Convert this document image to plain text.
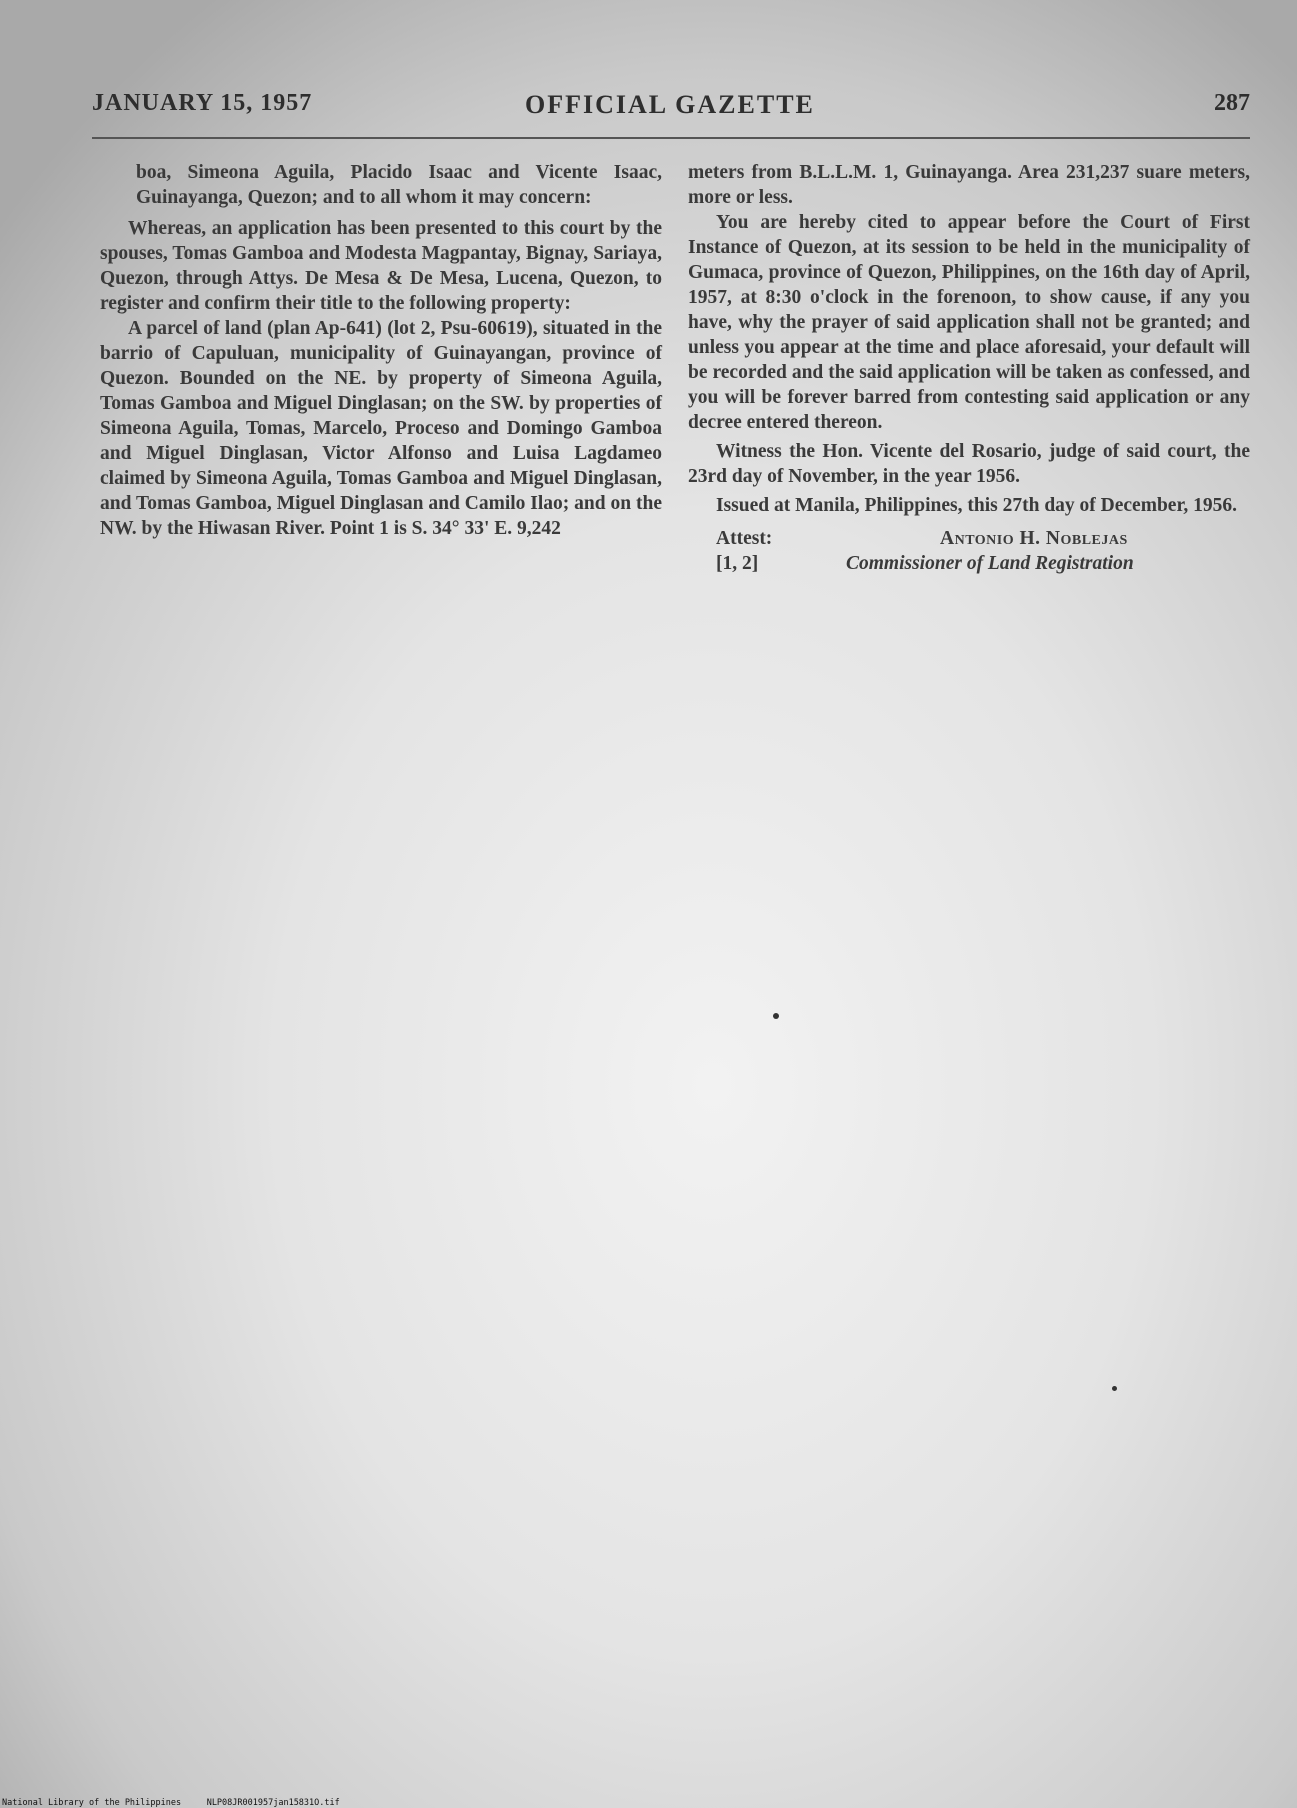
JANUARY 15, 1957	OFFICIAL GAZETTE	287

boa, Simeona Aguila, Placido Isaac and Vicente Isaac, Guinayanga, Quezon; and to all whom it may concern:

Whereas, an application has been presented to this court by the spouses, Tomas Gamboa and Modesta Magpantay, Bignay, Sariaya, Quezon, through Attys. De Mesa & De Mesa, Lucena, Quezon, to register and confirm their title to the following property:

A parcel of land (plan Ap-641) (lot 2, Psu-60619), situated in the barrio of Capuluan, municipality of Guinayangan, province of Quezon. Bounded on the NE. by property of Simeona Aguila, Tomas Gamboa and Miguel Dinglasan; on the SW. by properties of Simeona Aguila, Tomas, Marcelo, Proceso and Domingo Gamboa and Miguel Dinglasan, Victor Alfonso and Luisa Lagdameo claimed by Simeona Aguila, Tomas Gamboa and Miguel Dinglasan, and Tomas Gamboa, Miguel Dinglasan and Camilo Ilao; and on the NW. by the Hiwasan River. Point 1 is S. 34° 33' E. 9,242

meters from B.L.L.M. 1, Guinayanga. Area 231,237 suare meters, more or less.

You are hereby cited to appear before the Court of First Instance of Quezon, at its session to be held in the municipality of Gumaca, province of Quezon, Philippines, on the 16th day of April, 1957, at 8:30 o'clock in the forenoon, to show cause, if any you have, why the prayer of said application shall not be granted; and unless you appear at the time and place aforesaid, your default will be recorded and the said application will be taken as confessed, and you will be forever barred from contesting said application or any decree entered thereon.

Witness the Hon. Vicente del Rosario, judge of said court, the 23rd day of November, in the year 1956.

Issued at Manila, Philippines, this 27th day of December, 1956.

Attest:
[1, 2]
Antonio H. Noblejas
Commissioner of Land Registration
National Library of the Philippines     NLP08JR001957jan15831O.tif
